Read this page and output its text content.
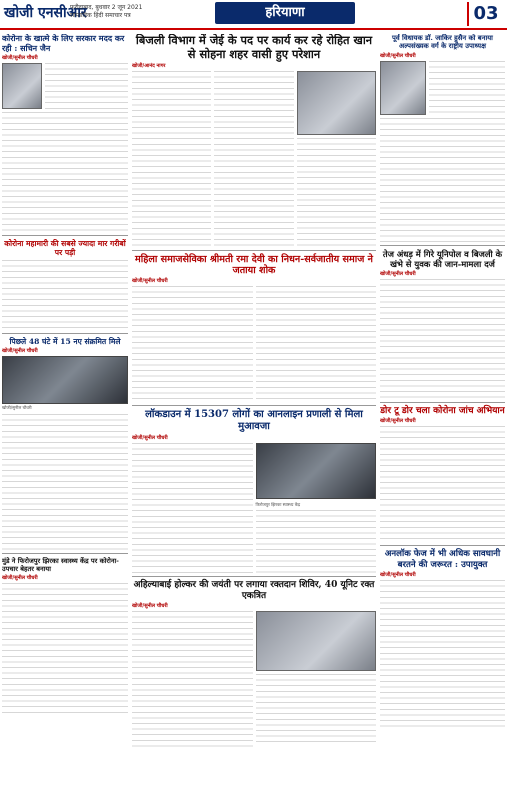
खोजी एनसीआर
फरीदाबाद, बुधवार 2 जून 2021
साप्ताहिक हिंदी समाचार पत्र	हरियाणा	03
कोरोना के खात्मे के लिए सरकार मदद कर रही : सचिन जैन
खोजी/सुनील चौधरी
कोरोना महामारी की सबसे ज्यादा मार गरीबों पर पड़ी
पिछले 48 घंटे में 15 नए संक्रमित मिले
खोजी/सुनील चौधरी
खोजी/सुनील चौधरी
मुंडे ने फिरोजपुर झिरका स्वास्थ्य केंद्र पर कोरोना-उपचार बेहतर बनाया
खोजी/सुनील चौधरी
बिजली विभाग में जेई के पद पर कार्य कर रहे रोहित खान से सोहना शहर वासी हुए परेशान
खोजी/आनंद नागर
महिला समाजसेविका श्रीमती रमा देवी का निधन-सर्वजातीय समाज ने जताया शोक
खोजी/सुनील चौधरी
लॉकडाउन में 15307 लोगों का आनलाइन प्रणाली से मिला मुआवजा
खोजी/सुनील चौधरी
फिरोजपुर झिरका स्वास्थ्य केंद्र
अहिल्याबाई होल्कर की जयंती पर लगाया रक्तदान शिविर, 40 यूनिट रक्त एकत्रित
खोजी/सुनील चौधरी
पूर्व विधायक डॉ. जाकिर हुसैन को बनाया अल्पसंख्यक वर्ग के राष्ट्रीय उपाध्यक्ष
खोजी/सुनील चौधरी
तेज अंधड़ में गिरे यूनिपोल व बिजली के खंभे से युवक की जान-मामला दर्ज
खोजी/सुनील चौधरी
डोर टू डोर चला कोरोना जांच अभियान
खोजी/सुनील चौधरी
अनलॉक फेज में भी अधिक सावधानी बरतने की जरूरत : उपायुक्त
खोजी/सुनील चौधरी
